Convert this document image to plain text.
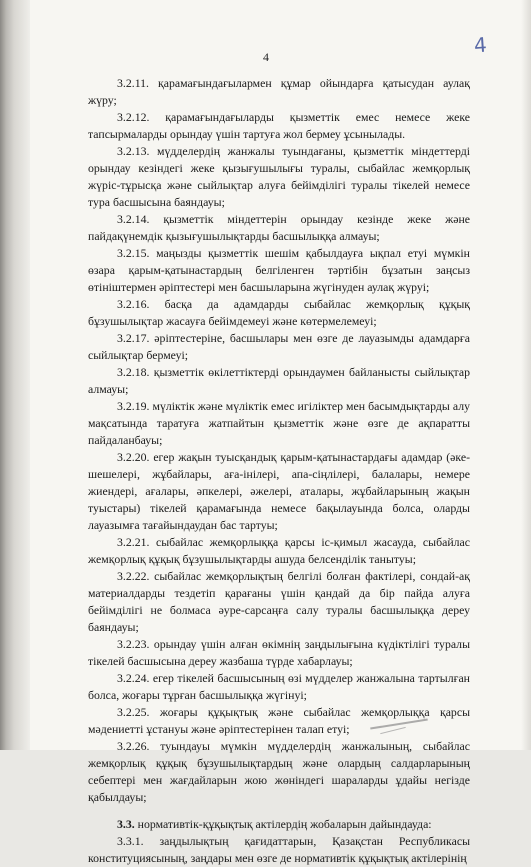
4	4

3.2.11. қарамағындағылармен құмар ойындарға қатысудан аулақ жүру;

3.2.12. қарамағындағыларды қызметтік емес немесе жеке тапсырмаларды орындау үшін тартуға жол бермеу ұсынылады.

3.2.13. мүдделердің жанжалы туындағаны, қызметтік міндеттерді орындау кезіндегі жеке қызығушылығы туралы, сыбайлас жемқорлық жүріс-тұрысқа және сыйлықтар алуға бейімділігі туралы тікелей немесе тура басшысына баяндауы;

3.2.14. қызметтік міндеттерін орындау кезінде жеке және пайдақүнемдік қызығушылықтарды басшылыққа алмауы;

3.2.15. маңызды қызметтік шешім қабылдауға ықпал етуі мүмкін өзара қарым-қатынастардың белгіленген тәртібін бұзатын заңсыз өтініштермен әріптестері мен басшыларына жүгінуден аулақ жүруі;

3.2.16. басқа да адамдарды сыбайлас жемқорлық құқық бұзушылықтар жасауға бейімдемеуі және көтермелемеуі;

3.2.17. әріптестеріне, басшылары мен өзге де лауазымды адамдарға сыйлықтар бермеуі;

3.2.18. қызметтік өкілеттіктерді орындаумен байланысты сыйлықтар алмауы;

3.2.19. мүліктік және мүліктік емес игіліктер мен басымдықтарды алу мақсатында таратуға жатпайтын қызметтік және өзге де ақпаратты пайдаланбауы;

3.2.20. егер жақын туысқандық қарым-қатынастардағы адамдар (әке-шешелері, жұбайлары, аға-інілері, апа-сіңлілері, балалары, немере жиендері, ағалары, әпкелері, әжелері, аталары, жұбайларының жақын туыстары) тікелей қарамағында немесе бақылауында болса, оларды лауазымға тағайындаудан бас тартуы;

3.2.21. сыбайлас жемқорлыққа қарсы іс-қимыл жасауда, сыбайлас жемқорлық құқық бұзушылықтарды ашуда белсенділік танытуы;

3.2.22. сыбайлас жемқорлықтың белгілі болған фактілері, сондай-ақ материалдарды тездетіп қарағаны үшін қандай да бір пайда алуға бейімділігі не болмаса әуре-сарсаңға салу туралы басшылыққа дереу баяндауы;

3.2.23. орындау үшін алған өкімнің заңдылығына күдіктілігі туралы тікелей басшысына дереу жазбаша түрде хабарлауы;

3.2.24. егер тікелей басшысының өзі мүдделер жанжалына тартылған болса, жоғары тұрған басшылыққа жүгінуі;

3.2.25. жоғары құқықтық және сыбайлас жемқорлыққа қарсы мәдениетті ұстануы және әріптестерінен талап етуі;

3.2.26. туындауы мүмкін мүдделердің жанжалының, сыбайлас жемқорлық құқық бұзушылықтардың және олардың салдарларының себептері мен жағдайларын жою жөніндегі шараларды ұдайы негізде қабылдауы;

3.3. нормативтік-құқықтық актілердің жобаларын дайындауда:

3.3.1. заңдылықтың қағидаттарын, Қазақстан Республикасы конституциясының, заңдары мен өзге де нормативтік құқықтық актілерінің
